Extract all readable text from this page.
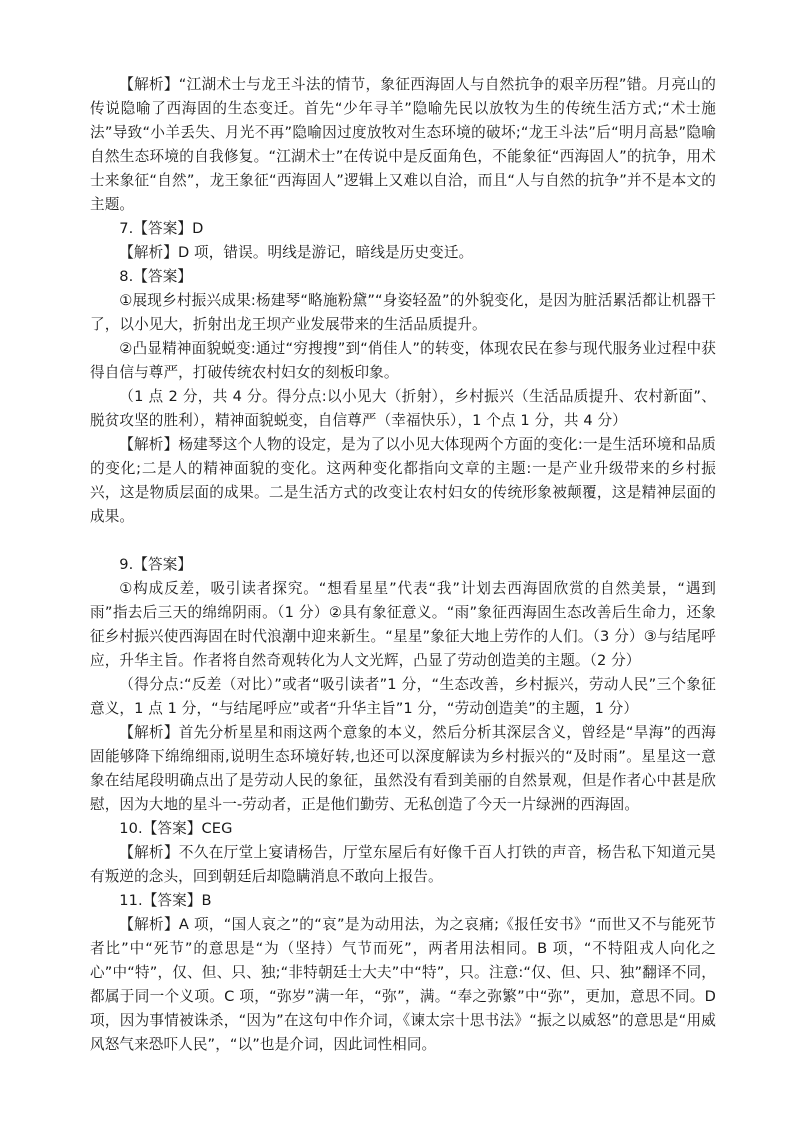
【解析】“江湖术士与龙王斗法的情节，象征西海固人与自然抗争的艰辛历程”错。月亮山的传说隐喻了西海固的生态变迁。首先“少年寻羊”隐喻先民以放牧为生的传统生活方式;“术士施法”导致“小羊丢失、月光不再”隐喻因过度放牧对生态环境的破坏;“龙王斗法”后“明月高悬”隐喻自然生态环境的自我修复。“江湖术士”在传说中是反面角色，不能象征“西海固人”的抗争，用术士来象征“自然”，龙王象征“西海固人”逻辑上又难以自洽，而且“人与自然的抗争”并不是本文的主题。

7.【答案】D

【解析】D 项，错误。明线是游记，暗线是历史变迁。

8.【答案】

①展现乡村振兴成果:杨建琴“略施粉黛”“身姿轻盈”的外貌变化，是因为脏活累活都让机器干了，以小见大，折射出龙王坝产业发展带来的生活品质提升。

②凸显精神面貌蜕变:通过“穷搜搜”到“俏佳人”的转变，体现农民在参与现代服务业过程中获得自信与尊严，打破传统农村妇女的刻板印象。

（1 点 2 分，共 4 分。得分点:以小见大（折射），乡村振兴（生活品质提升、农村新面”、脱贫攻坚的胜利），精神面貌蜕变，自信尊严（幸福快乐），1 个点 1 分，共 4 分）

【解析】杨建琴这个人物的设定，是为了以小见大体现两个方面的变化:一是生活环境和品质的变化;二是人的精神面貌的变化。这两种变化都指向文章的主题:一是产业升级带来的乡村振兴，这是物质层面的成果。二是生活方式的改变让农村妇女的传统形象被颠覆，这是精神层面的成果。

9.【答案】

①构成反差，吸引读者探究。“想看星星”代表“我”计划去西海固欣赏的自然美景，“遇到雨”指去后三天的绵绵阴雨。（1 分）②具有象征意义。“雨”象征西海固生态改善后生命力，还象征乡村振兴使西海固在时代浪潮中迎来新生。“星星”象征大地上劳作的人们。（3 分）③与结尾呼应，升华主旨。作者将自然奇观转化为人文光辉，凸显了劳动创造美的主题。（2 分）

（得分点:“反差（对比）”或者“吸引读者”1 分，“生态改善，乡村振兴，劳动人民”三个象征意义，1 点 1 分，“与结尾呼应”或者“升华主旨”1 分，“劳动创造美”的主题，1 分）

【解析】首先分析星星和雨这两个意象的本义，然后分析其深层含义，曾经是“旱海”的西海固能够降下绵绵细雨,说明生态环境好转,也还可以深度解读为乡村振兴的“及时雨”。星星这一意象在结尾段明确点出了是劳动人民的象征，虽然没有看到美丽的自然景观，但是作者心中甚是欣慰，因为大地的星斗一-劳动者，正是他们勤劳、无私创造了今天一片绿洲的西海固。

10.【答案】CEG

【解析】不久在厅堂上宴请杨告，厅堂东屋后有好像千百人打铁的声音，杨告私下知道元昊有叛逆的念头，回到朝廷后却隐瞒消息不敢向上报告。

11.【答案】B

【解析】A 项，“国人哀之”的“哀”是为动用法，为之哀痛;《报任安书》“而世又不与能死节者比”中“死节”的意思是“为（坚持）气节而死”，两者用法相同。B 项，“不特阻戎人向化之心”中“特”，仅、但、只、独;“非特朝廷士大夫”中“特”，只。注意:“仅、但、只、独”翻译不同，都属于同一个义项。C 项，“弥岁”满一年，“弥”，满。“奉之弥繁”中“弥”，更加，意思不同。D 项，因为事情被诛杀，“因为”在这句中作介词，《谏太宗十思书法》“振之以威怒”的意思是“用威风怒气来恐吓人民”，“以”也是介词，因此词性相同。
